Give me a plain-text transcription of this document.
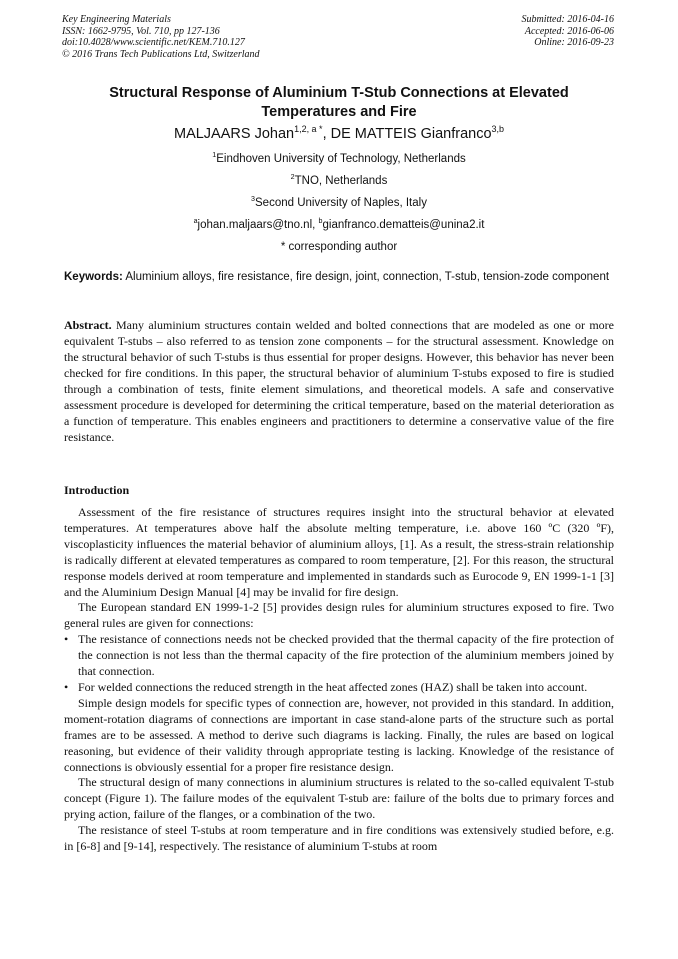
Key Engineering Materials
ISSN: 1662-9795, Vol. 710, pp 127-136
doi:10.4028/www.scientific.net/KEM.710.127
© 2016 Trans Tech Publications Ltd, Switzerland
Submitted: 2016-04-16
Accepted: 2016-06-06
Online: 2016-09-23
Structural Response of Aluminium T-Stub Connections at Elevated
Temperatures and Fire
MALJAARS Johan$^{1,2, a *}$, DE MATTEIS Gianfranco$^{3,b}$
$^1$Eindhoven University of Technology, Netherlands
$^2$TNO, Netherlands
$^3$Second University of Naples, Italy
$^a$johan.maljaars@tno.nl, $^b$gianfranco.dematteis@unina2.it
* corresponding author
Keywords: Aluminium alloys, fire resistance, fire design, joint, connection, T-stub, tension-zode component
Abstract. Many aluminium structures contain welded and bolted connections that are modeled as one or more equivalent T-stubs – also referred to as tension zone components – for the structural assessment. Knowledge on the structural behavior of such T-stubs is thus essential for proper designs. However, this behavior has never been checked for fire conditions. In this paper, the structural behavior of aluminium T-stubs exposed to fire is studied through a combination of tests, finite element simulations, and theoretical models. A safe and conservative assessment procedure is developed for determining the critical temperature, based on the material deterioration as a function of temperature. This enables engineers and practitioners to determine a conservative value of the fire resistance.
Introduction

Assessment of the fire resistance of structures requires insight into the structural behavior at elevated temperatures. At temperatures above half the absolute melting temperature, i.e. above 160 ºC (320 ºF), viscoplasticity influences the material behavior of aluminium alloys, [1]. As a result, the stress-strain relationship is radically different at elevated temperatures as compared to room temperature, [2]. For this reason, the structural response models derived at room temperature and implemented in standards such as Eurocode 9, EN 1999-1-1 [3] and the Aluminium Design Manual [4] may be invalid for fire design.

The European standard EN 1999-1-2 [5] provides design rules for aluminium structures exposed to fire. Two general rules are given for connections:

• The resistance of connections needs not be checked provided that the thermal capacity of the fire protection of the connection is not less than the thermal capacity of the fire protection of the aluminium members joined by that connection.
• For welded connections the reduced strength in the heat affected zones (HAZ) shall be taken into account.

Simple design models for specific types of connection are, however, not provided in this standard. In addition, moment-rotation diagrams of connections are important in case stand-alone parts of the structure such as portal frames are to be assessed. A method to derive such diagrams is lacking. Finally, the rules are based on logical reasoning, but evidence of their validity through appropriate testing is lacking. Knowledge of the resistance of connections is obviously essential for a proper fire resistance design.

The structural design of many connections in aluminium structures is related to the so-called equivalent T-stub concept (Figure 1). The failure modes of the equivalent T-stub are: failure of the bolts due to primary forces and prying action, failure of the flanges, or a combination of the two.

The resistance of steel T-stubs at room temperature and in fire conditions was extensively studied before, e.g. in [6-8] and [9-14], respectively. The resistance of aluminium T-stubs at room
